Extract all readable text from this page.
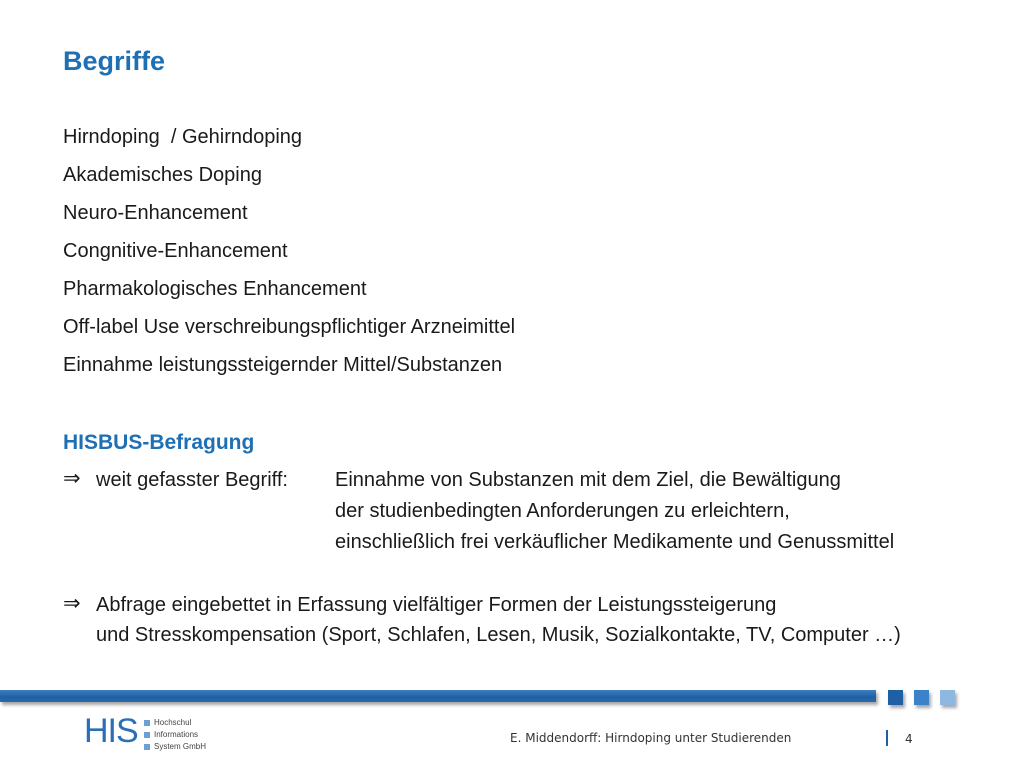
Begriffe
Hirndoping  / Gehirndoping
Akademisches Doping
Neuro-Enhancement
Congnitive-Enhancement
Pharmakologisches Enhancement
Off-label Use verschreibungspflichtiger Arzneimittel
Einnahme leistungssteigernder Mittel/Substanzen
HISBUS-Befragung
⇒ weit gefasster Begriff: Einnahme von Substanzen mit dem Ziel, die Bewältigung
der studienbedingten Anforderungen zu erleichtern,
einschließlich frei verkäuflicher Medikamente und Genussmittel
⇒ Abfrage eingebettet in Erfassung vielfältiger Formen der Leistungssteigerung
und Stresskompensation (Sport, Schlafen, Lesen, Musik, Sozialkontakte, TV, Computer …)
HIS	Hochschul
Informations
System GmbH
E. Middendorff: Hirndoping unter Studierenden	4
